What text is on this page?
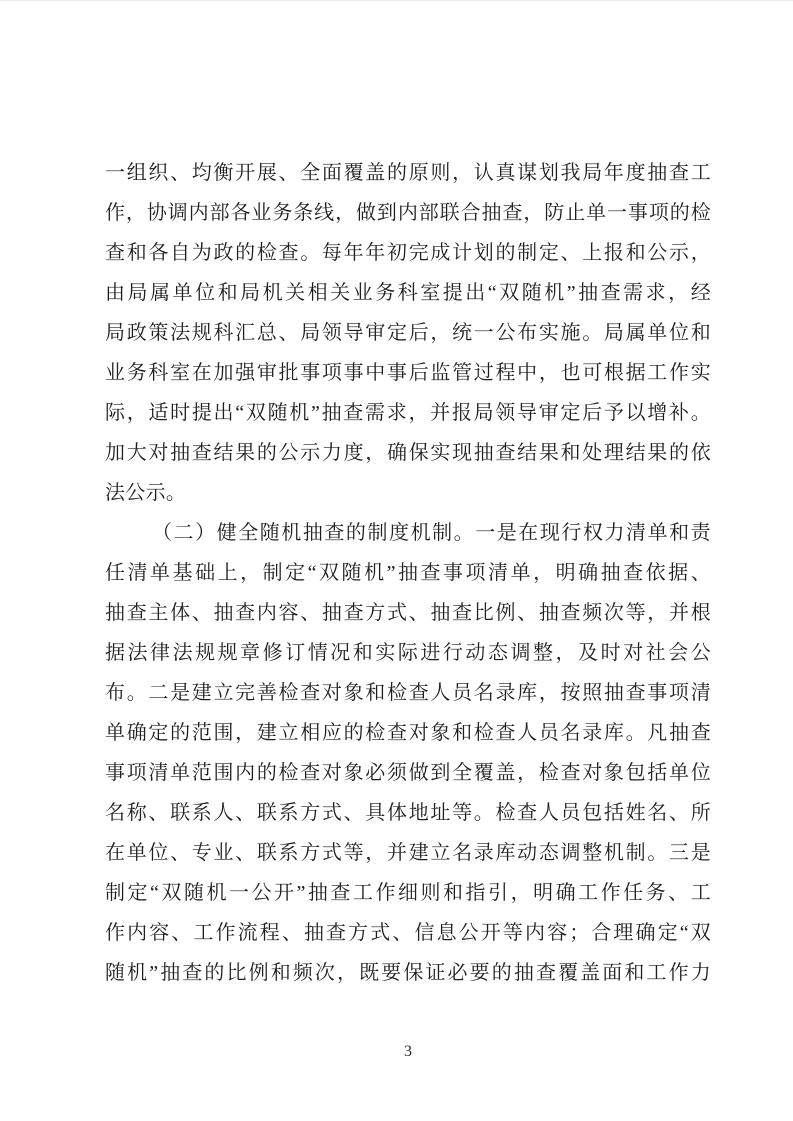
一组织、均衡开展、全面覆盖的原则，认真谋划我局年度抽查工
作，协调内部各业务条线，做到内部联合抽查，防止单一事项的检
查和各自为政的检查。每年年初完成计划的制定、上报和公示，
由局属单位和局机关相关业务科室提出“双随机”抽查需求，经
局政策法规科汇总、局领导审定后，统一公布实施。局属单位和
业务科室在加强审批事项事中事后监管过程中，也可根据工作实
际，适时提出“双随机”抽查需求，并报局领导审定后予以增补。
加大对抽查结果的公示力度，确保实现抽查结果和处理结果的依
法公示。
（二）健全随机抽查的制度机制。一是在现行权力清单和责
任清单基础上，制定“双随机”抽查事项清单，明确抽查依据、
抽查主体、抽查内容、抽查方式、抽查比例、抽查频次等，并根
据法律法规规章修订情况和实际进行动态调整，及时对社会公
布。二是建立完善检查对象和检查人员名录库，按照抽查事项清
单确定的范围，建立相应的检查对象和检查人员名录库。凡抽查
事项清单范围内的检查对象必须做到全覆盖，检查对象包括单位
名称、联系人、联系方式、具体地址等。检查人员包括姓名、所
在单位、专业、联系方式等，并建立名录库动态调整机制。三是
制定“双随机一公开”抽查工作细则和指引，明确工作任务、工
作内容、工作流程、抽查方式、信息公开等内容；合理确定“双
随机”抽查的比例和频次，既要保证必要的抽查覆盖面和工作力
3
